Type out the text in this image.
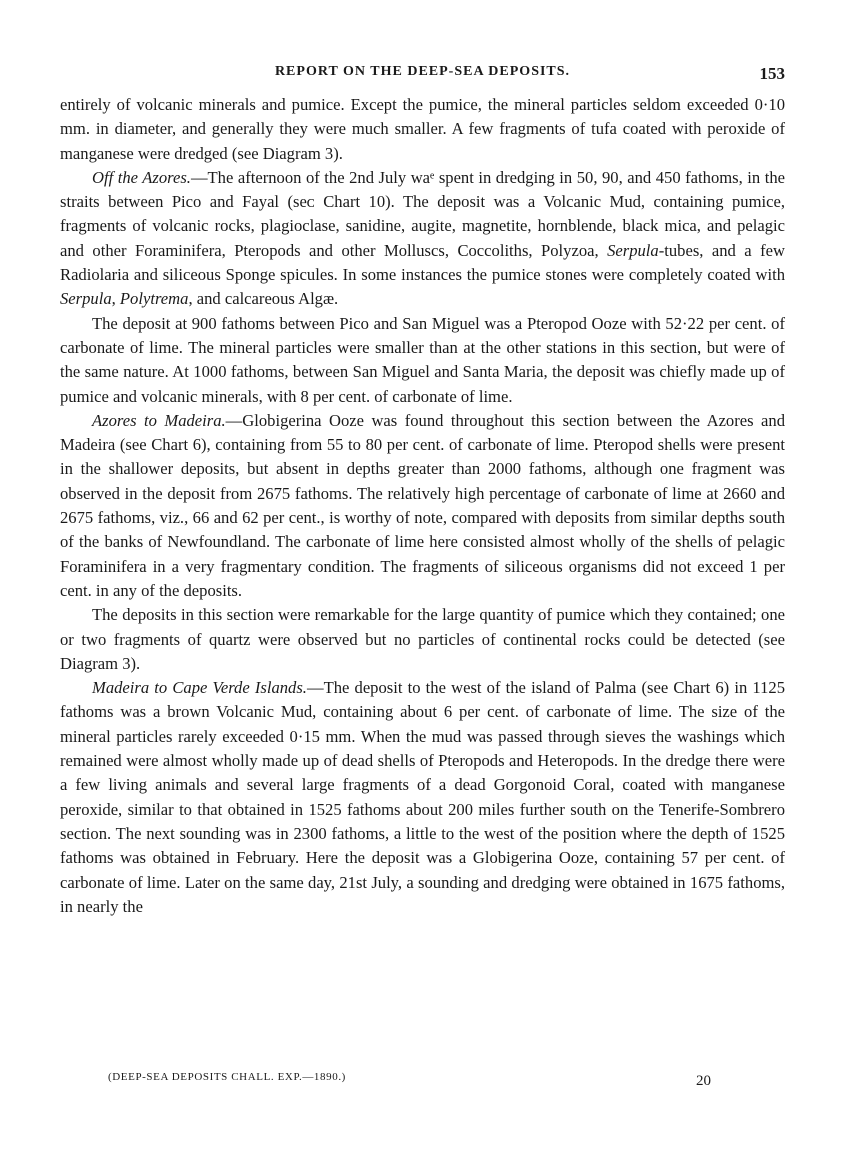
REPORT ON THE DEEP-SEA DEPOSITS.	153

entirely of volcanic minerals and pumice. Except the pumice, the mineral particles seldom exceeded 0·10 mm. in diameter, and generally they were much smaller. A few fragments of tufa coated with peroxide of manganese were dredged (see Diagram 3).

Off the Azores.—The afternoon of the 2nd July waᵉ spent in dredging in 50, 90, and 450 fathoms, in the straits between Pico and Fayal (sеᴄ Chart 10). The deposit was a Volcanic Mud, containing pumice, fragments of volcanic rocks, plagioclase, sanidine, augite, magnetite, hornblende, black mica, and pelagic and other Foraminifera, Pteropods and other Molluscs, Coccoliths, Polyzoa, Serpula-tubes, and a few Radiolaria and siliceous Sponge spicules. In some instances the pumice stones were completely coated with Serpula, Polytrema, and calcareous Algæ.

The deposit at 900 fathoms between Pico and San Miguel was a Pteropod Ooze with 52·22 per cent. of carbonate of lime. The mineral particles were smaller than at the other stations in this section, but were of the same nature. At 1000 fathoms, between San Miguel and Santa Maria, the deposit was chiefly made up of pumice and volcanic minerals, with 8 per cent. of carbonate of lime.

Azores to Madeira.—Globigerina Ooze was found throughout this section between the Azores and Madeira (see Chart 6), containing from 55 to 80 per cent. of carbonate of lime. Pteropod shells were present in the shallower deposits, but absent in depths greater than 2000 fathoms, although one fragment was observed in the deposit from 2675 fathoms. The relatively high percentage of carbonate of lime at 2660 and 2675 fathoms, viz., 66 and 62 per cent., is worthy of note, compared with deposits from similar depths south of the banks of Newfoundland. The carbonate of lime here consisted almost wholly of the shells of pelagic Foraminifera in a very fragmentary condition. The fragments of siliceous organisms did not exceed 1 per cent. in any of the deposits.

The deposits in this section were remarkable for the large quantity of pumice which they contained; one or two fragments of quartz were observed but no particles of continental rocks could be detected (see Diagram 3).

Madeira to Cape Verde Islands.—The deposit to the west of the island of Palma (see Chart 6) in 1125 fathoms was a brown Volcanic Mud, containing about 6 per cent. of carbonate of lime. The size of the mineral particles rarely exceeded 0·15 mm. When the mud was passed through sieves the washings which remained were almost wholly made up of dead shells of Pteropods and Heteropods. In the dredge there were a few living animals and several large fragments of a dead Gorgonoid Coral, coated with manganese peroxide, similar to that obtained in 1525 fathoms about 200 miles further south on the Tenerife-Sombrero section. The next sounding was in 2300 fathoms, a little to the west of the position where the depth of 1525 fathoms was obtained in February. Here the deposit was a Globigerina Ooze, containing 57 per cent. of carbonate of lime. Later on the same day, 21st July, a sounding and dredging were obtained in 1675 fathoms, in nearly the

(DEEP-SEA DEPOSITS CHALL. EXP.—1890.)	20
